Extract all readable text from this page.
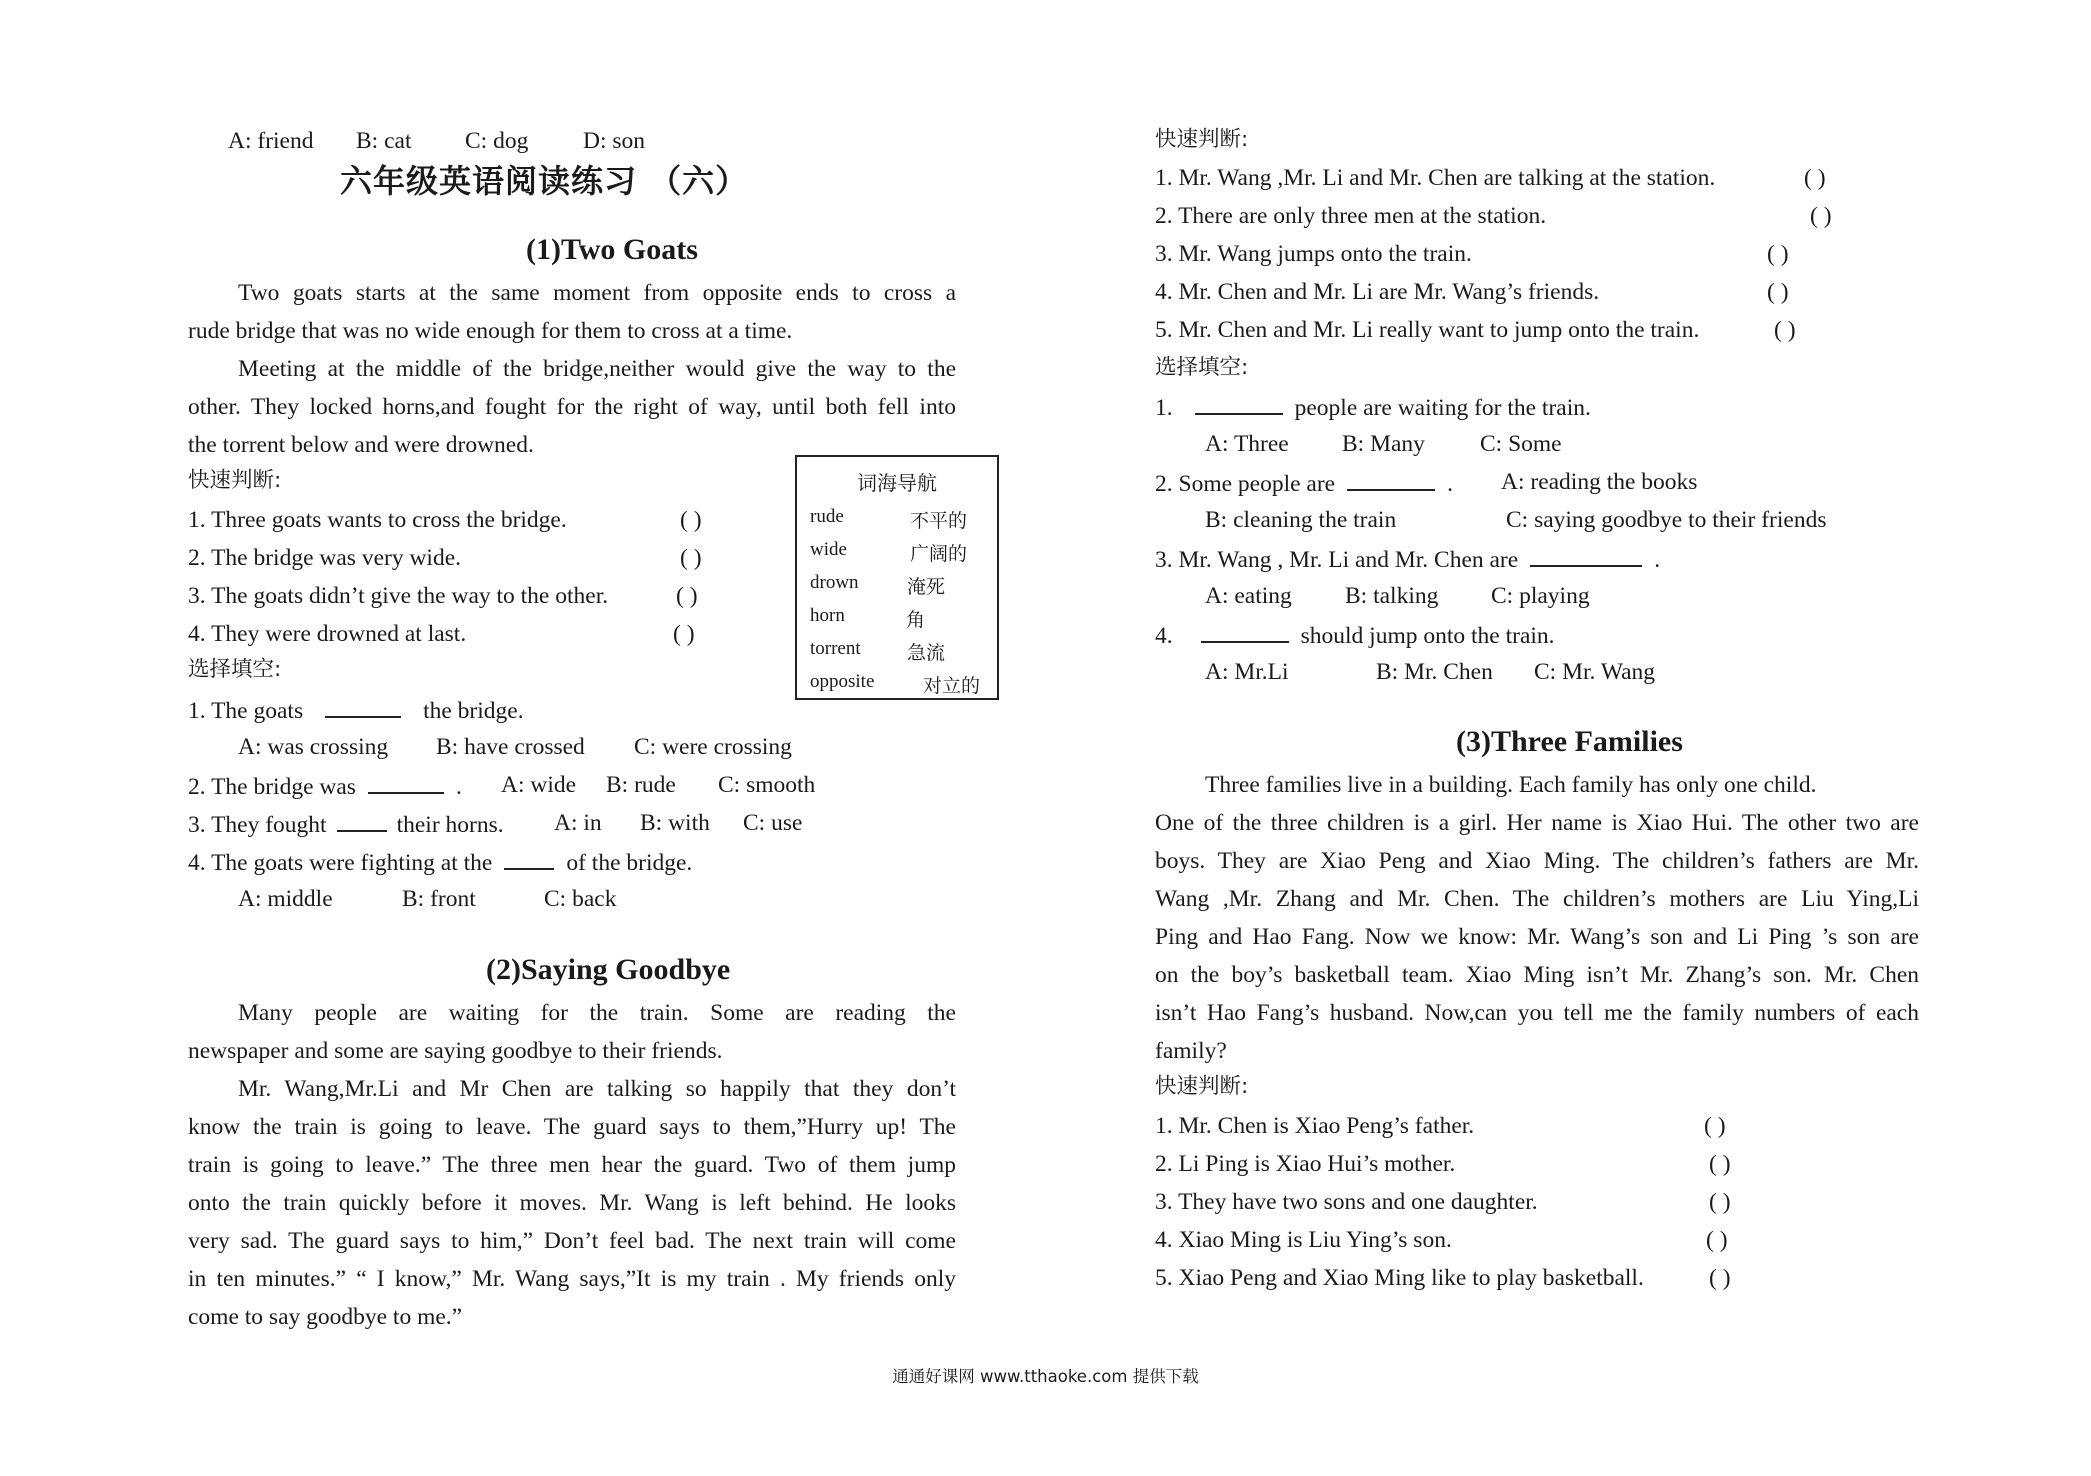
A: friend B: cat C: dog D: son
六年级英语阅读练习 （六）
(1)Two Goats
Two goats starts at the same moment from opposite ends to cross a
rude bridge that was no wide enough for them to cross at a time.
Meeting at the middle of the bridge,neither would give the way to the
other. They locked horns,and fought for the right of way, until both fell into
the torrent below and were drowned.
快速判断:
1. Three goats wants to cross the bridge.	( )
2. The bridge was very wide.	( )
3. The goats didn’t give the way to the other.	( )
4. They were drowned at last.	( )
选择填空:
1. The goats	the bridge.
A: was crossing B: have crossed C: were crossing
2. The bridge was	. A: wide B: rude C: smooth
3. They fought	their horns. A: in B: with C: use
4. The goats were fighting at the	of the bridge.
A: middle	B: front	C: back
(2)Saying Goodbye
Many people are waiting for the train. Some are reading the
newspaper and some are saying goodbye to their friends.
Mr. Wang,Mr.Li and Mr Chen are talking so happily that they don’t
know the train is going to leave. The guard says to them,”Hurry up! The
train is going to leave.” The three men hear the guard. Two of them jump
onto the train quickly before it moves. Mr. Wang is left behind. He looks
very sad. The guard says to him,” Don’t feel bad. The next train will come
in ten minutes.” “ I know,” Mr. Wang says,”It is my train . My friends only
come to say goodbye to me.”
词海导航
rude	不平的
wide	广阔的
drown	淹死
horn	角
torrent 急流
opposite	对立的
快速判断:
1. Mr. Wang ,Mr. Li and Mr. Chen are talking at the station.	( )
2. There are only three men at the station.	( )
3. Mr. Wang jumps onto the train.	( )
4. Mr. Chen and Mr. Li are Mr. Wang’s friends.	( )
5. Mr. Chen and Mr. Li really want to jump onto the train.	( )
选择填空:
1.	people are waiting for the train.
A: Three B: Many C: Some
2. Some people are	. A: reading the books
B: cleaning the train	C: saying goodbye to their friends
3. Mr. Wang , Mr. Li and Mr. Chen are	.
A: eating B: talking C: playing
4.	should jump onto the train.
A: Mr.Li	B: Mr. Chen C: Mr. Wang
(3)Three Families
Three families live in a building. Each family has only one child.
One of the three children is a girl. Her name is Xiao Hui. The other two are
boys. They are Xiao Peng and Xiao Ming. The children’s fathers are Mr.
Wang ,Mr. Zhang and Mr. Chen. The children’s mothers are Liu Ying,Li
Ping and Hao Fang. Now we know: Mr. Wang’s son and Li Ping ’s son are
on the boy’s basketball team. Xiao Ming isn’t Mr. Zhang’s son. Mr. Chen
isn’t Hao Fang’s husband. Now,can you tell me the family numbers of each
family?
快速判断:
1. Mr. Chen is Xiao Peng’s father.	( )
2. Li Ping is Xiao Hui’s mother.	( )
3. They have two sons and one daughter.	( )
4. Xiao Ming is Liu Ying’s son.	( )
5. Xiao Peng and Xiao Ming like to play basketball.	( )
通通好课网 www.tthaoke.com 提供下载
